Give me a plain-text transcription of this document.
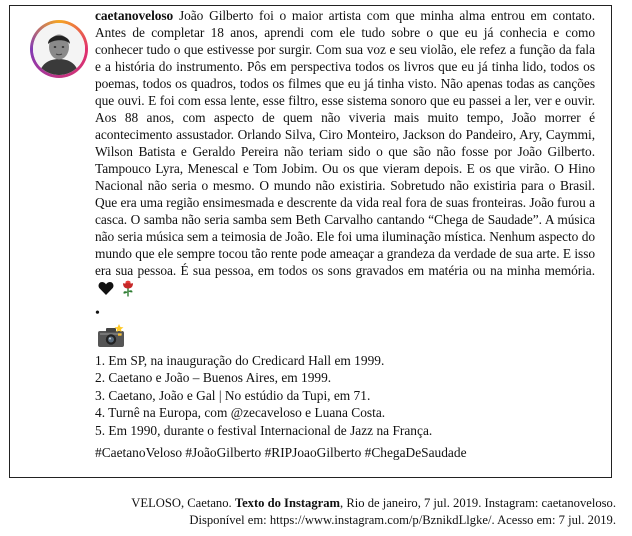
caetanoveloso João Gilberto foi o maior artista com que minha alma entrou em contato. Antes de completar 18 anos, aprendi com ele tudo sobre o que eu já conhecia e como conhecer tudo o que estivesse por surgir. Com sua voz e seu violão, ele refez a função da fala e a história do instrumento. Pôs em perspectiva todos os livros que eu já tinha lido, todos os poemas, todos os quadros, todos os filmes que eu já tinha visto. Não apenas todas as canções que ouvi. E foi com essa lente, esse filtro, esse sistema sonoro que eu passei a ler, ver e ouvir. Aos 88 anos, com aspecto de quem não viveria mais muito tempo, João morrer é acontecimento assustador. Orlando Silva, Ciro Monteiro, Jackson do Pandeiro, Ary, Caymmi, Wilson Batista e Geraldo Pereira não teriam sido o que são não fosse por João Gilberto. Tampouco Lyra, Menescal e Tom Jobim. Ou os que vieram depois. E os que virão. O Hino Nacional não seria o mesmo. O mundo não existiria. Sobretudo não existiria para o Brasil. Que era uma região ensimesmada e descrente da vida real fora de suas fronteiras. João furou a casca. O samba não seria samba sem Beth Carvalho cantando “Chega de Saudade”. A música não seria música sem a teimosia de João. Ele foi uma iluminação mística. Nenhum aspecto do mundo que ele sempre tocou tão rente pode ameaçar a grandeza da verdade de sua arte. E isso era sua pessoa. É sua pessoa, em todos os sons gravados em matéria ou na minha memória.
•
1. Em SP, na inauguração do Credicard Hall em 1999.
2. Caetano e João – Buenos Aires, em 1999.
3. Caetano, João e Gal | No estúdio da Tupi, em 71.
4. Turnê na Europa, com @zecaveloso e Luana Costa.
5. Em 1990, durante o festival Internacional de Jazz na França.
#CaetanoVeloso #JoãoGilberto #RIPJoaoGilberto #ChegaDeSaudade
VELOSO, Caetano. Texto do Instagram, Rio de janeiro, 7 jul. 2019. Instagram: caetanoveloso.
Disponível em: https://www.instagram.com/p/BznikdLlgke/. Acesso em: 7 jul. 2019.
